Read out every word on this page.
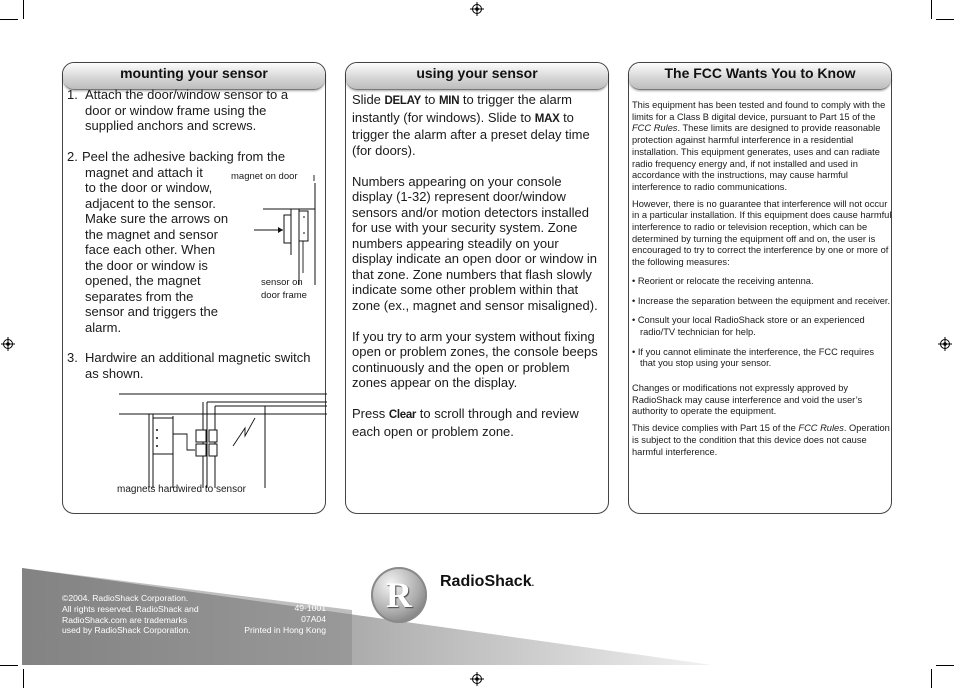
mounting your sensor
1. Attach the door/window sensor to a door or window frame using the supplied anchors and screws.
2. Peel the adhesive backing from the
magnet and attach it
to the door or window,
adjacent to the sensor.
Make sure the arrows on
the magnet and sensor
face each other. When
the door or window is
opened, the magnet
separates from the
sensor and triggers the
alarm.
magnet on door
sensor on
door frame
3. Hardwire an additional magnetic switch as shown.
magnets hardwired to sensor
using your sensor

Slide DELAY to MIN to trigger the alarm instantly (for windows). Slide to MAX to trigger the alarm after a preset delay time (for doors).

Numbers appearing on your console display (1-32) represent door/window sensors and/or motion detectors installed for use with your security system. Zone numbers appearing steadily on your display indicate an open door or window in that zone. Zone numbers that flash slowly indicate some other problem within that zone (ex., magnet and sensor misaligned).

If you try to arm your system without fixing open or problem zones, the console beeps continuously and the open or problem zones appear on the display.

Press Clear to scroll through and review each open or problem zone.

The FCC Wants You to Know

This equipment has been tested and found to comply with the limits for a Class B digital device, pursuant to Part 15 of the FCC Rules. These limits are designed to provide reasonable protection against harmful interference in a residential installation. This equipment generates, uses and can radiate radio frequency energy and, if not installed and used in accordance with the instructions, may cause harmful interference to radio communications.

However, there is no guarantee that interference will not occur in a particular installation. If this equipment does cause harmful interference to radio or television reception, which can be determined by turning the equipment off and on, the user is encouraged to try to correct the interference by one or more of the following measures:

• Reorient or relocate the receiving antenna.
• Increase the separation between the equipment and receiver.
• Consult your local RadioShack store or an experienced radio/TV technician for help.
• If you cannot eliminate the interference, the FCC requires that you stop using your sensor.

Changes or modifications not expressly approved by RadioShack may cause interference and void the user’s authority to operate the equipment.

This device complies with Part 15 of the FCC Rules. Operation is subject to the condition that this device does not cause harmful interference.

©2004. RadioShack Corporation.
All rights reserved. RadioShack and
RadioShack.com are trademarks
used by RadioShack Corporation.
49-1001
07A04
Printed in Hong Kong
R	RadioShack.
